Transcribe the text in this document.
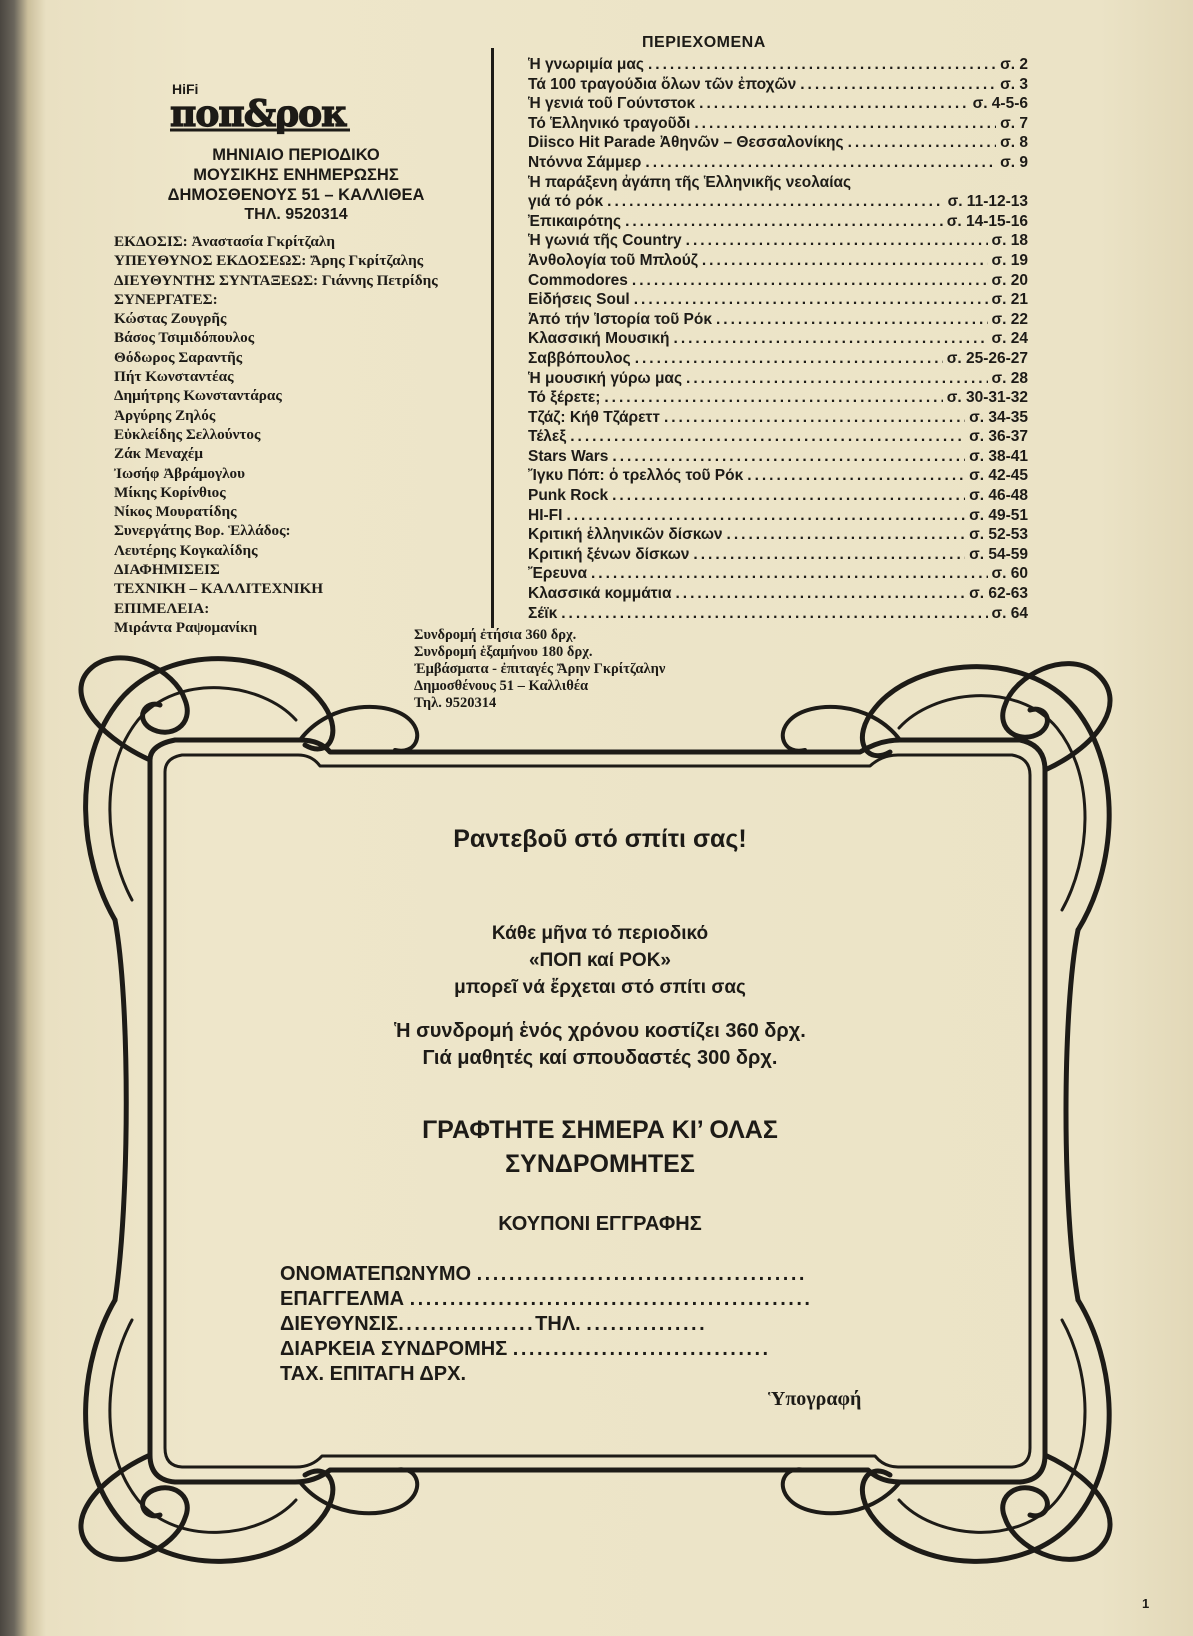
HiFi
ποπ&ροκ
ΜΗΝΙΑΙΟ ΠΕΡΙΟΔΙΚΟ
ΜΟΥΣΙΚΗΣ ΕΝΗΜΕΡΩΣΗΣ
ΔΗΜΟΣΘΕΝΟΥΣ 51 – ΚΑΛΛΙΘΕΑ
ΤΗΛ. 9520314
ΕΚΔΟΣΙΣ: Ἀναστασία Γκρίτζαλη
ΥΠΕΥΘΥΝΟΣ ΕΚΔΟΣΕΩΣ: Ἄρης Γκρίτζαλης
ΔΙΕΥΘΥΝΤΗΣ ΣΥΝΤΑΞΕΩΣ: Γιάννης Πετρίδης
ΣΥΝΕΡΓΑΤΕΣ:
Κώστας Ζουγρῆς
Βάσος Τσιμιδόπουλος
Θόδωρος Σαραντῆς
Πήτ Κωνσταντέας
Δημήτρης Κωνσταντάρας
Ἀργύρης Ζηλός
Εὐκλείδης Σελλούντος
Ζάκ Μεναχέμ
Ἰωσήφ Ἀβράμογλου
Μίκης Κορίνθιος
Νίκος Μουρατίδης
Συνεργάτης Βορ. Ἑλλάδος:
Λευτέρης Κογκαλίδης
ΔΙΑΦΗΜΙΣΕΙΣ
ΤΕΧΝΙΚΗ – ΚΑΛΛΙΤΕΧΝΙΚΗ
ΕΠΙΜΕΛΕΙΑ:
Μιράντα Ραψομανίκη
ΠΕΡΙΕΧΟΜΕΝΑ
Ἡ γνωριμία μας .....	σ. 2
Τά 100 τραγούδια ὅλων τῶν ἐποχῶν .....	σ. 3
Ἡ γενιά τοῦ Γούντστοκ .....	σ. 4-5-6
Τό Ἑλληνικό τραγοῦδι .....	σ. 7
Diisco Hit Parade Ἀθηνῶν – Θεσσαλονίκης .....	σ. 8
Ντόννα Σάμμερ .....	σ. 9
Ἡ παράξενη ἀγάπη τῆς Ἑλληνικῆς νεολαίας
γιά τό ρόκ .....	σ. 11-12-13
Ἐπικαιρότης .....	σ. 14-15-16
Ἡ γωνιά τῆς Country .....	σ. 18
Ἀνθολογία τοῦ Μπλούζ .....	σ. 19
Commodores .....	σ. 20
Εἰδήσεις Soul .....	σ. 21
Ἀπό τήν Ἱστορία τοῦ Ρόκ .....	σ. 22
Κλασσική Μουσική .....	σ. 24
Σαββόπουλος .....	σ. 25-26-27
Ἡ μουσική γύρω μας .....	σ. 28
Τό ξέρετε; .....	σ. 30-31-32
Τζάζ: Κήθ Τζάρετт .....	σ. 34-35
Τέλεξ .....	σ. 36-37
Stars Wars .....	σ. 38-41
Ἴγκυ Πόπ: ὁ τρελλός τοῦ Ρόκ .....	σ. 42-45
Punk Rock .....	σ. 46-48
HI-FI .....	σ. 49-51
Κριτική ἑλληνικῶν δίσκων .....	σ. 52-53
Κριτική ξένων δίσκων .....	σ. 54-59
Ἔρευνα .....	σ. 60
Κλασσικά κομμάτια .....	σ. 62-63
Σέϊκ .....	σ. 64
Συνδρομή ἐτήσια 360 δρχ.
Συνδρομή ἑξαμήνου 180 δρχ.
Ἐμβάσματα - ἐπιταγές Ἄρην Γκρίτζαλην
Δημοσθένους 51 – Καλλιθέα
Τηλ. 9520314
Ραντεβοῦ στό σπίτι σας!
Κάθε μῆνα τό περιοδικό
«ΠΟΠ καί ΡΟΚ»
μπορεῖ νά ἔρχεται στό σπίτι σας
Ἡ συνδρομή ἑνός χρόνου κοστίζει 360 δρχ.
Γιά μαθητές καί σπουδαστές 300 δρχ.
ΓΡΑΦΤΗΤΕ ΣΗΜΕΡΑ ΚΙ’ ΟΛΑΣ
ΣΥΝΔΡΟΜΗΤΕΣ
ΚΟΥΠΟΝΙ ΕΓΓΡΑΦΗΣ
ΟΝΟΜΑΤΕΠΩΝΥΜΟ .........................................
ΕΠΑΓΓΕΛΜΑ ..................................................
ΔΙΕΥΘΥΝΣΙΣ.................ΤΗΛ. ...............
ΔΙΑΡΚΕΙΑ ΣΥΝΔΡΟΜΗΣ ................................
ΤΑΧ. ΕΠΙΤΑΓΗ ΔΡΧ.
Ὑπογραφή
1
